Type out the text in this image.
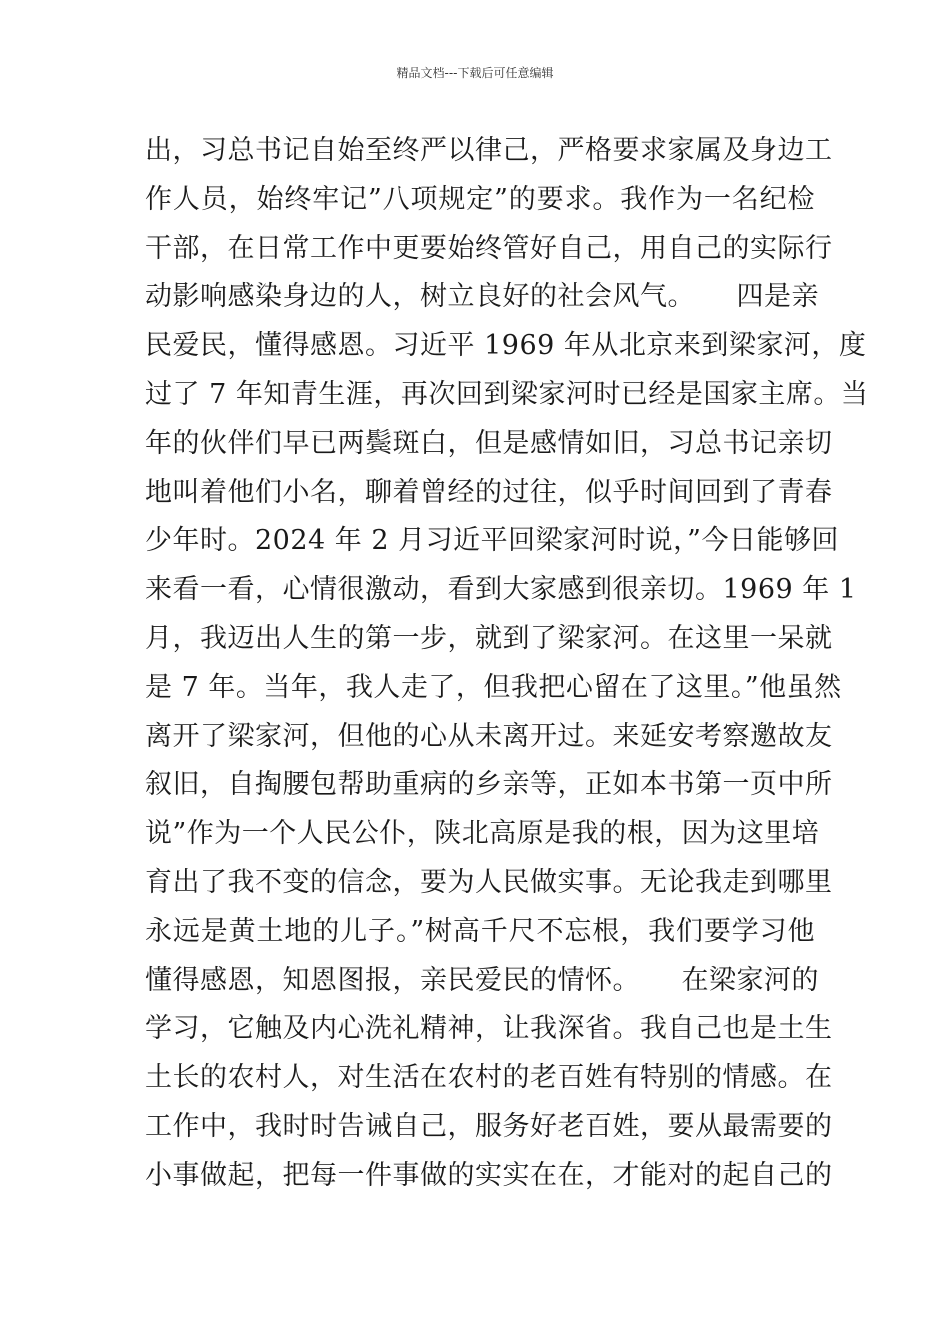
精品文档---下载后可任意编辑
出，习总书记自始至终严以律己，严格要求家属及身边工
作人员，始终牢记”八项规定”的要求。我作为一名纪检
干部，在日常工作中更要始终管好自己，用自己的实际行
动影响感染身边的人，树立良好的社会风气。　　四是亲
民爱民，懂得感恩。习近平 1969 年从北京来到梁家河，度
过了 7 年知青生涯，再次回到梁家河时已经是国家主席。当
年的伙伴们早已两鬓斑白，但是感情如旧，习总书记亲切
地叫着他们小名，聊着曾经的过往，似乎时间回到了青春
少年时。2024 年 2 月习近平回梁家河时说，”今日能够回
来看一看，心情很激动，看到大家感到很亲切。1969 年 1
月，我迈出人生的第一步，就到了梁家河。在这里一呆就
是 7 年。当年，我人走了，但我把心留在了这里。”他虽然
离开了梁家河，但他的心从未离开过。来延安考察邀故友
叙旧，自掏腰包帮助重病的乡亲等，正如本书第一页中所
说”作为一个人民公仆，陕北高原是我的根，因为这里培
育出了我不变的信念，要为人民做实事。无论我走到哪里
永远是黄土地的儿子。”树高千尺不忘根，我们要学习他
懂得感恩，知恩图报，亲民爱民的情怀。　　在梁家河的
学习，它触及内心洗礼精神，让我深省。我自己也是土生
土长的农村人，对生活在农村的老百姓有特别的情感。在
工作中，我时时告诫自己，服务好老百姓，要从最需要的
小事做起，把每一件事做的实实在在，才能对的起自己的
